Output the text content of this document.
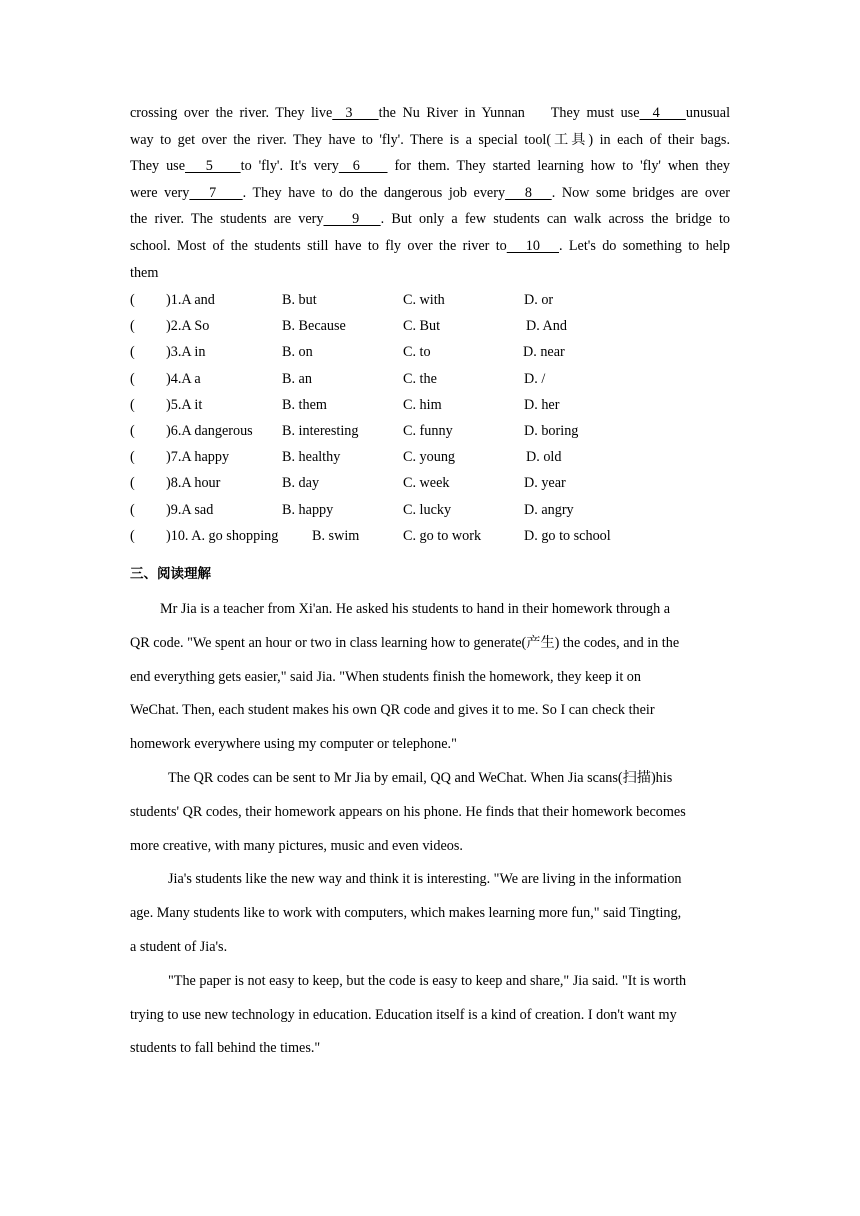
crossing over the river. They live  3    the Nu River in Yunnan    They must use  4    unusual
way to get over the river. They have to 'fly'. There is a special tool(工具) in each of their bags.
They use   5    to 'fly'. It's very  6     for them. They started learning how to 'fly' when they
were very   7    . They have to do the dangerous job every   8   . Now some bridges are over
the river. The students are very    9   . But only a few students can walk across the bridge to
school. Most of the students still have to fly over the river to   10   . Let's do something to help
them
( )1.A and	B. but	C. with	D. or
( )2.A So	B. Because	C. But	D. And
( )3.A in	B. on	C. to	D. near
( )4.A a	B. an	C. the	D. /
( )5.A it	B. them	C. him	D. her
( )6.A dangerous B. interesting	C. funny	D. boring
( )7.A happy	B. healthy	C. young	D. old
( )8.A hour	B. day	C. week	D. year
( )9.A sad	B. happy	C. lucky	D. angry
( )10. A. go shopping B. swim	C. go to work	D. go to school
三、阅读理解
Mr Jia is a teacher from Xi'an. He asked his students to hand in their homework through a
QR code. "We spent an hour or two in class learning how to generate(产生) the codes, and in the
end everything gets easier," said Jia. "When students finish the homework, they keep it on
WeChat. Then, each student makes his own QR code and gives it to me. So I can check their
homework everywhere using my computer or telephone."
The QR codes can be sent to Mr Jia by email, QQ and WeChat. When Jia scans(扫描)his
students' QR codes, their homework appears on his phone. He finds that their homework becomes
more creative, with many pictures, music and even videos.
Jia's students like the new way and think it is interesting. "We are living in the information
age. Many students like to work with computers, which makes learning more fun," said Tingting,
a student of Jia's.
"The paper is not easy to keep, but the code is easy to keep and share," Jia said. "It is worth
trying to use new technology in education. Education itself is a kind of creation. I don't want my
students to fall behind the times."
